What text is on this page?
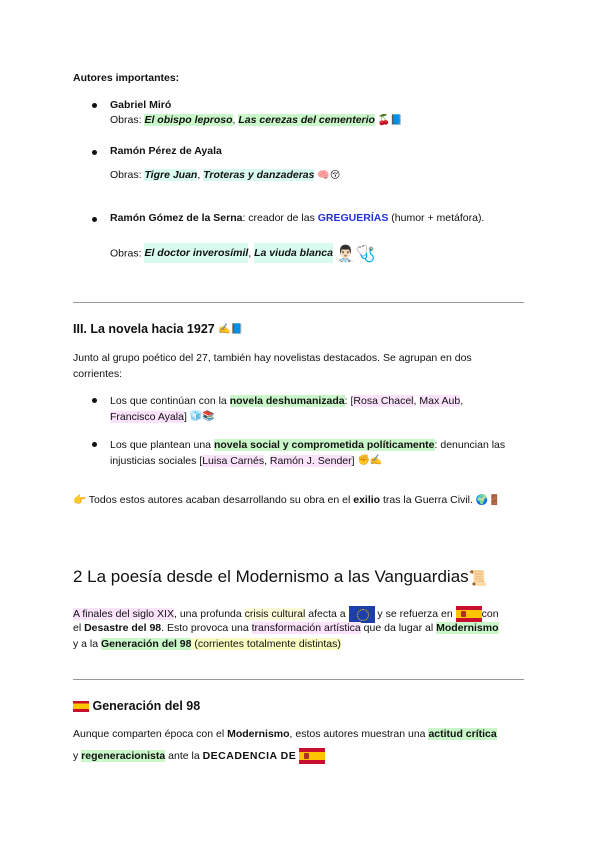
Autores importantes:
Gabriel Miró
Obras: El obispo leproso, Las cerezas del cementerio 🍒📘
Ramón Pérez de Ayala
Obras: Tigre Juan, Troteras y danzaderas 🧠😚
Ramón Gómez de la Serna: creador de las GREGUERÍAS (humor + metáfora).
Obras: El doctor inverosímil, La viuda blanca 👨🏻‍⚕️🩺
III. La novela hacia 1927 ✍️📘
Junto al grupo poético del 27, también hay novelistas destacados. Se agrupan en dos corrientes:
Los que continúan con la novela deshumanizada: [Rosa Chacel, Max Aub,
Francisco Ayala] 🧊📚
Los que plantean una novela social y comprometida políticamente: denuncian las
injusticias sociales [Luisa Carnés, Ramón J. Sender] ✊✍️
👉 Todos estos autores acaban desarrollando su obra en el exilio tras la Guerra Civil. 🌍🚪
2 La poesía desde el Modernismo a las Vanguardias📜
A finales del siglo XIX, una profunda crisis cultural afecta a
y se refuerza en con
el Desastre del 98. Esto provoca una transformación artística que da lugar al Modernismo
y a la Generación del 98 (corrientes totalmente distintas)
Generación del 98
Aunque comparten época con el Modernismo, estos autores muestran una actitud crítica
y regeneracionista ante la DECADENCIA DE
